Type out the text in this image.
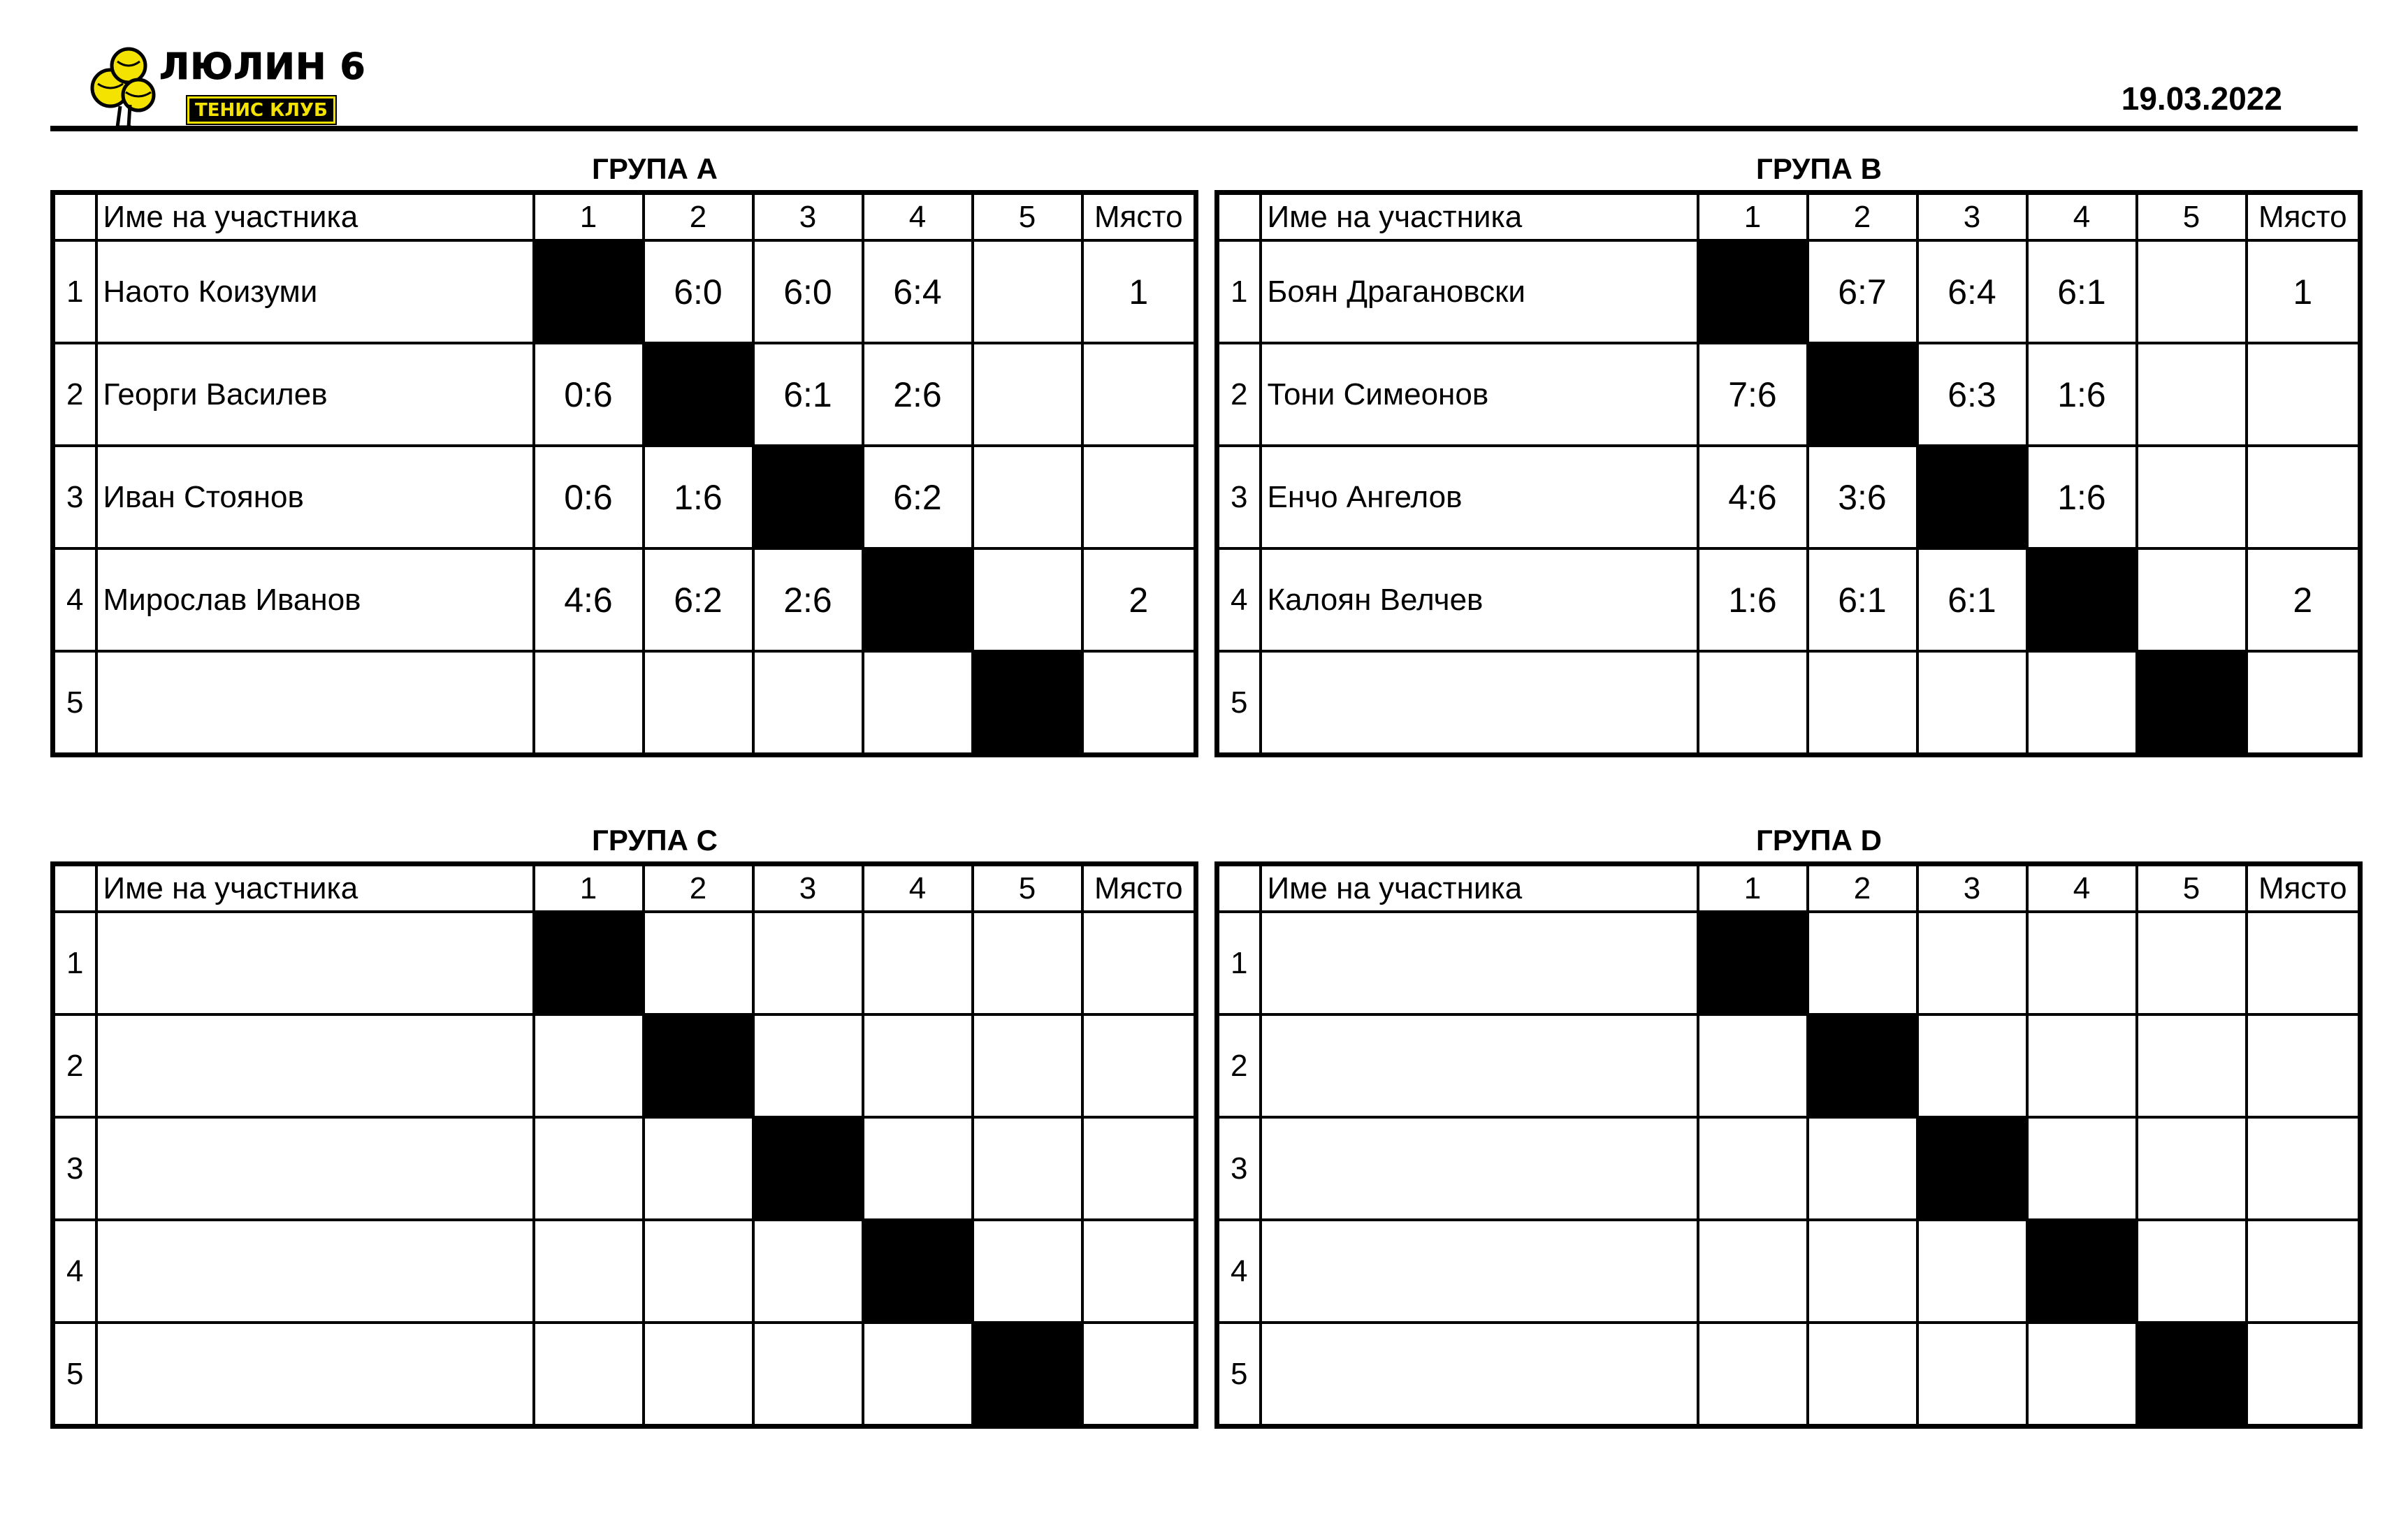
ЛЮЛИН 6
ТЕНИС КЛУБ	19.03.2022
ГРУПА A
	Име на участника	1	2	3	4	5	Място
1	Наото Коизуми		6:0	6:0	6:4		1
2	Георги Василев	0:6		6:1	2:6		
3	Иван Стоянов	0:6	1:6		6:2		
4	Мирослав Иванов	4:6	6:2	2:6			2
5							
ГРУПА B
	Име на участника	1	2	3	4	5	Място
1	Боян Драгановски		6:7	6:4	6:1		1
2	Тони Симеонов	7:6		6:3	1:6		
3	Енчо Ангелов	4:6	3:6		1:6		
4	Калоян Велчев	1:6	6:1	6:1			2
5							
ГРУПА C
	Име на участника	1	2	3	4	5	Място
1							
2							
3							
4							
5							
ГРУПА D
	Име на участника	1	2	3	4	5	Място
1							
2							
3							
4							
5							
